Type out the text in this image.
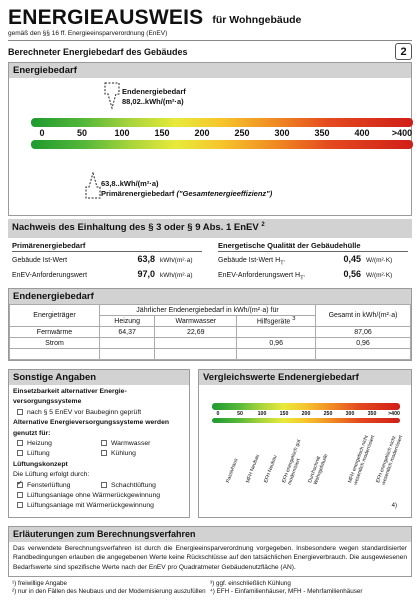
ENERGIEAUSWEIS für Wohngebäude
gemäß den §§ 16 ff. Energieeinsparverordnung (EnEV)
Berechneter Energiebedarf des Gebäudes	2
Energiebedarf
Endenergiebedarf
88,02..kWh/(m²·a)
0	50	100	150	200	250	300	350	400 >400
63,8..kWh/(m²·a)
Primärenergiebedarf ("Gesamtenergieeffizienz")
Nachweis des Einhaltung des § 3 oder § 9 Abs. 1 EnEV $^2$
Primärenergiebedarf
Gebäude Ist-Wert	63,8 kWh/(m²·a)
EnEV-Anforderungswert	97,0 kWh/(m²·a)
Energetische Qualität der Gebäudehülle
Gebäude Ist-Wert $H_{T'}$	0,45 W/(m²·K)
EnEV-Anforderungswert $H_{T'}$	0,56 W/(m²·K)
Endenergiebedarf
Energieträger	Jährlicher Endenergiebedarf in kWh/(m²·a) für			Gesamt in kWh/(m²·a)
	Heizung	Warmwasser	Hilfsgeräte $^3$
Fernwärme	64,37	22,69		87,06
Strom			0,96	0,96

Sonstige Angaben
Einsetzbarkeit alternativer Energie-versorgungssysteme
nach § 5 EnEV vor Baubeginn geprüft
Alternative Energieversorgungssysteme werden genutzt für:
Heizung	Warmwasser
Lüftung	Kühlung
Lüftungskonzept
Die Lüftung erfolgt durch:
✓Fensterlüftung	Schachtlüftung
Lüftungsanlage ohne Wärmerückgewinnung
Lüftungsanlage mit Wärmerückgewinnung
Vergleichswerte Endenergiebedarf
0	50	100	150	200	250	300	350 >400
Passivhaus	MFH Neubau EFH Neubau EFH energetisch gut modernisiert	Durchschnitt Wohngebäude	MFH energetisch nicht wesentlich modernisiert EFH energetisch nicht wesentlich modernisiert
4)
Erläuterungen zum Berechnungsverfahren
Das verwendete Berechnungsverfahren ist durch die Energieeinsparverordnung vorgegeben. Insbesondere wegen standardisierter Randbedingungen erlauben die angegebenen Werte keine Rückschlüsse auf den tatsächlichen Energieverbrauch. Die ausgewiesenen Bedarfswerte sind spezifische Werte nach der EnEV pro Quadratmeter Gebäudenutzfläche (AN).
¹) freiwillige Angabe
²) nur in den Fällen des Neubaus und der Modernisierung auszufüllen
³) ggf. einschließlich Kühlung
⁴) EFH - Einfamilienhäuser, MFH - Mehrfamilienhäuser
